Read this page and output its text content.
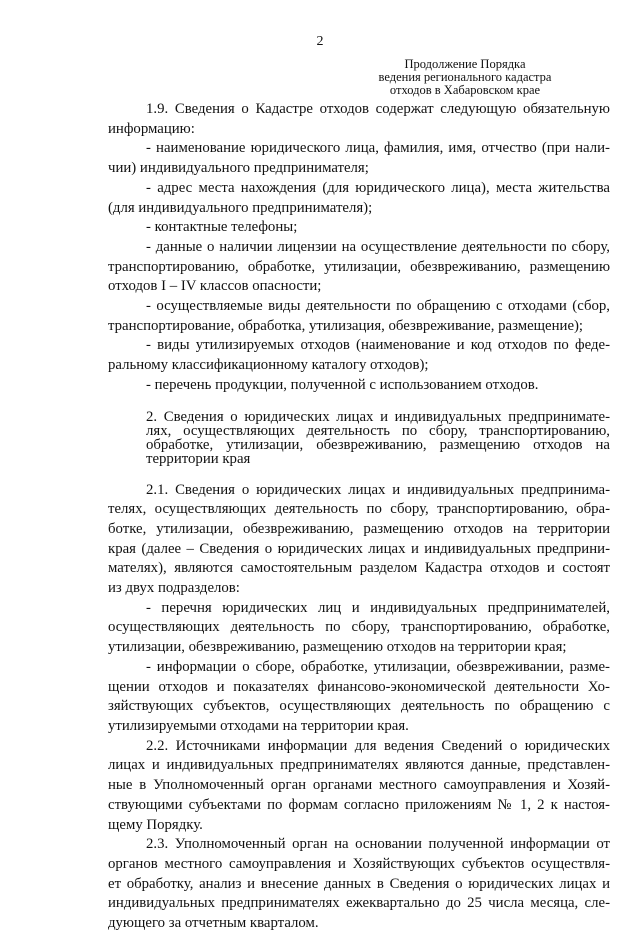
2
Продолжение Порядка
ведения регионального кадастра
отходов в Хабаровском крае

1.9. Сведения о Кадастре отходов содержат следующую обязательную
информацию:

- наименование юридического лица, фамилия, имя, отчество (при нали-
чии) индивидуального предпринимателя;

- адрес места нахождения (для юридического лица), места жительства
(для индивидуального предпринимателя);

- контактные телефоны;

- данные о наличии лицензии на осуществление деятельности по сбору,
транспортированию, обработке, утилизации, обезвреживанию, размещению
отходов I – IV классов опасности;

- осуществляемые виды деятельности по обращению с отходами (сбор,
транспортирование, обработка, утилизация, обезвреживание, размещение);

- виды утилизируемых отходов (наименование и код отходов по феде-
ральному классификационному каталогу отходов);

- перечень продукции, полученной с использованием отходов.

2. Сведения о юридических лицах и индивидуальных предпринимате-
лях, осуществляющих деятельность по сбору, транспортированию,
обработке, утилизации, обезвреживанию, размещению отходов на
территории края

2.1. Сведения о юридических лицах и индивидуальных предпринима-
телях, осуществляющих деятельность по сбору, транспортированию, обра-
ботке, утилизации, обезвреживанию, размещению отходов на территории
края (далее – Сведения о юридических лицах и индивидуальных предприни-
мателях), являются самостоятельным разделом Кадастра отходов и состоят
из двух подразделов:

- перечня юридических лиц и индивидуальных предпринимателей,
осуществляющих деятельность по сбору, транспортированию, обработке,
утилизации, обезвреживанию, размещению отходов на территории края;

- информации о сборе, обработке, утилизации, обезвреживании, разме-
щении отходов и показателях финансово-экономической деятельности Хо-
зяйствующих субъектов, осуществляющих деятельность по обращению с
утилизируемыми отходами на территории края.

2.2. Источниками информации для ведения Сведений о юридических
лицах и индивидуальных предпринимателях являются данные, представлен-
ные в Уполномоченный орган органами местного самоуправления и Хозяй-
ствующими субъектами по формам согласно приложениям № 1, 2 к настоя-
щему Порядку.

2.3. Уполномоченный орган на основании полученной информации от
органов местного самоуправления и Хозяйствующих субъектов осуществля-
ет обработку, анализ и внесение данных в Сведения о юридических лицах и
индивидуальных предпринимателях ежеквартально до 25 числа месяца, сле-
дующего за отчетным кварталом.
